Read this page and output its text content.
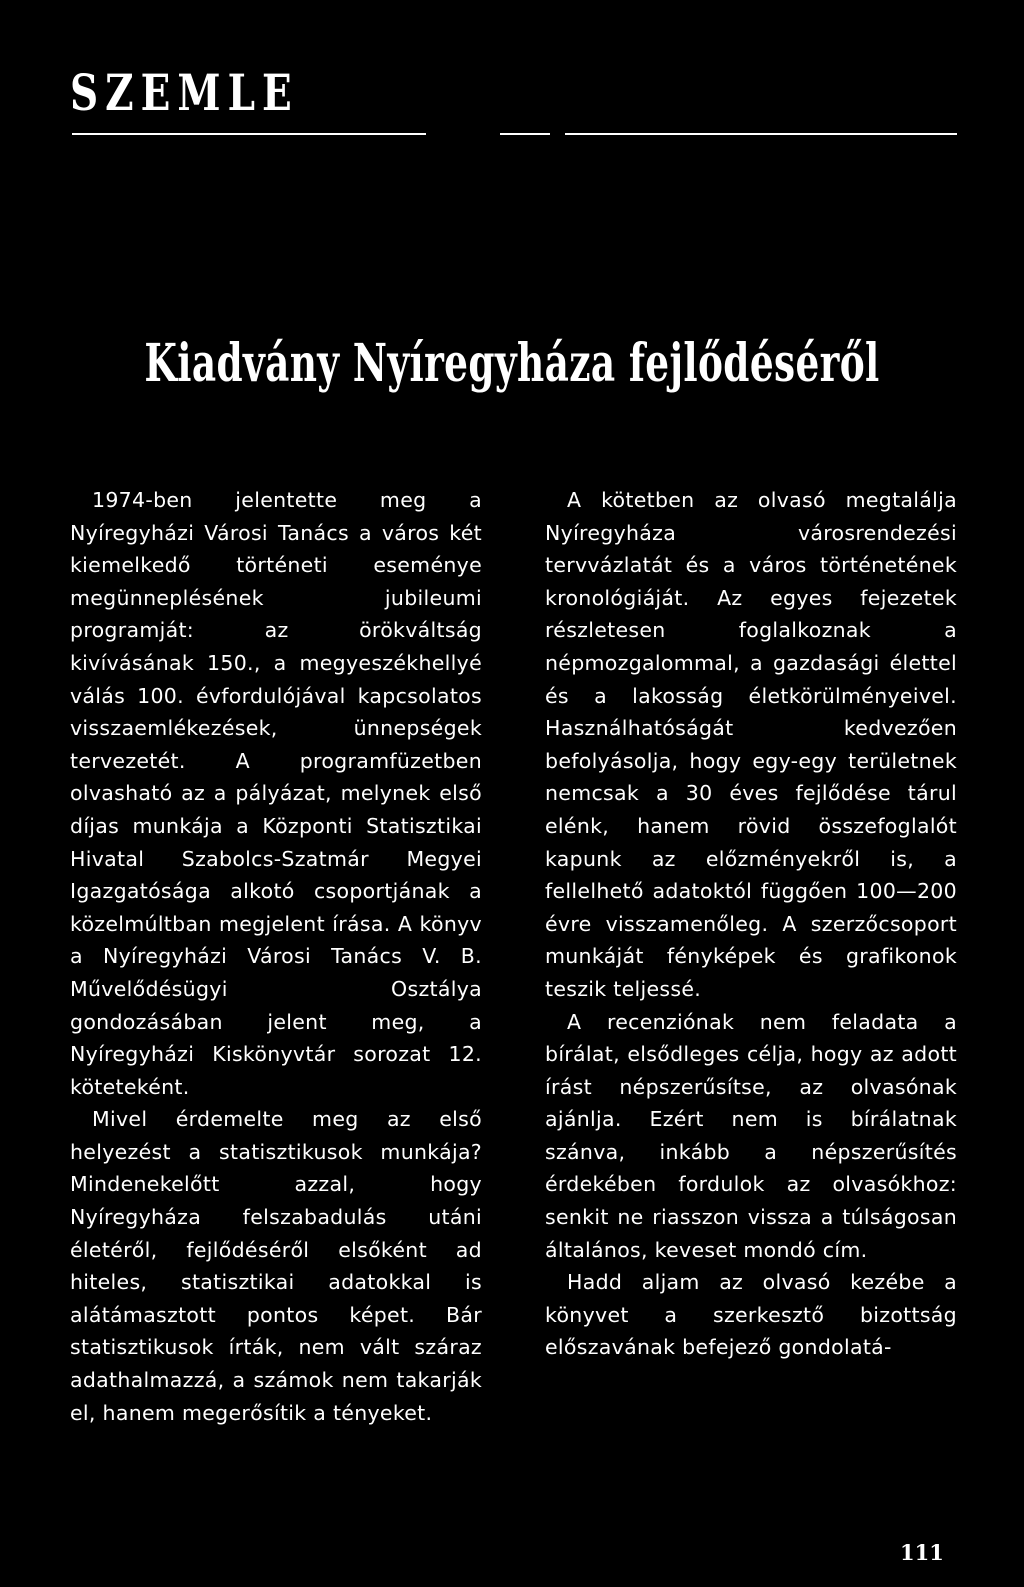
SZEMLE
Kiadvány Nyíregyháza fejlődéséről

1974-ben jelentette meg a Nyíregyházi Városi Tanács a város két kiemelkedő történeti eseménye megünneplésének jubileumi programját: az örökváltság kivívásának 150., a megyeszékhellyé válás 100. évfordulójával kapcsolatos visszaemlékezések, ünnepségek tervezetét. A programfüzetben olvasható az a pályázat, melynek első díjas munkája a Központi Statisztikai Hivatal Szabolcs-Szatmár Megyei Igazgatósága alkotó csoportjának a közelmúltban megjelent írása. A könyv a Nyíregyházi Városi Tanács V. B. Művelődésügyi Osztálya gondozásában jelent meg, a Nyíregyházi Kiskönyvtár sorozat 12. köteteként.

Mivel érdemelte meg az első helyezést a statisztikusok munkája? Mindenekelőtt azzal, hogy Nyíregyháza felszabadulás utáni életéről, fejlődéséről elsőként ad hiteles, statisztikai adatokkal is alátámasztott pontos képet. Bár statisztikusok írták, nem vált száraz adathalmazzá, a számok nem takarják el, hanem megerősítik a tényeket.

A kötetben az olvasó megtalálja Nyíregyháza városrendezési tervvázlatát és a város történetének kronológiáját. Az egyes fejezetek részletesen foglalkoznak a népmozgalommal, a gazdasági élettel és a lakosság életkörülményeivel. Használhatóságát kedvezően befolyásolja, hogy egy-egy területnek nemcsak a 30 éves fejlődése tárul elénk, hanem rövid összefoglalót kapunk az előzményekről is, a fellelhető adatoktól függően 100—200 évre visszamenőleg. A szerzőcsoport munkáját fényképek és grafikonok teszik teljessé.

A recenziónak nem feladata a bírálat, elsődleges célja, hogy az adott írást népszerűsítse, az olvasónak ajánlja. Ezért nem is bírálatnak szánva, inkább a népszerűsítés érdekében fordulok az olvasókhoz: senkit ne riasszon vissza a túlságosan általános, keveset mondó cím.

Hadd aljam az olvasó kezébe a könyvet a szerkesztő bizottság előszavának befejező gondolatá-

111
